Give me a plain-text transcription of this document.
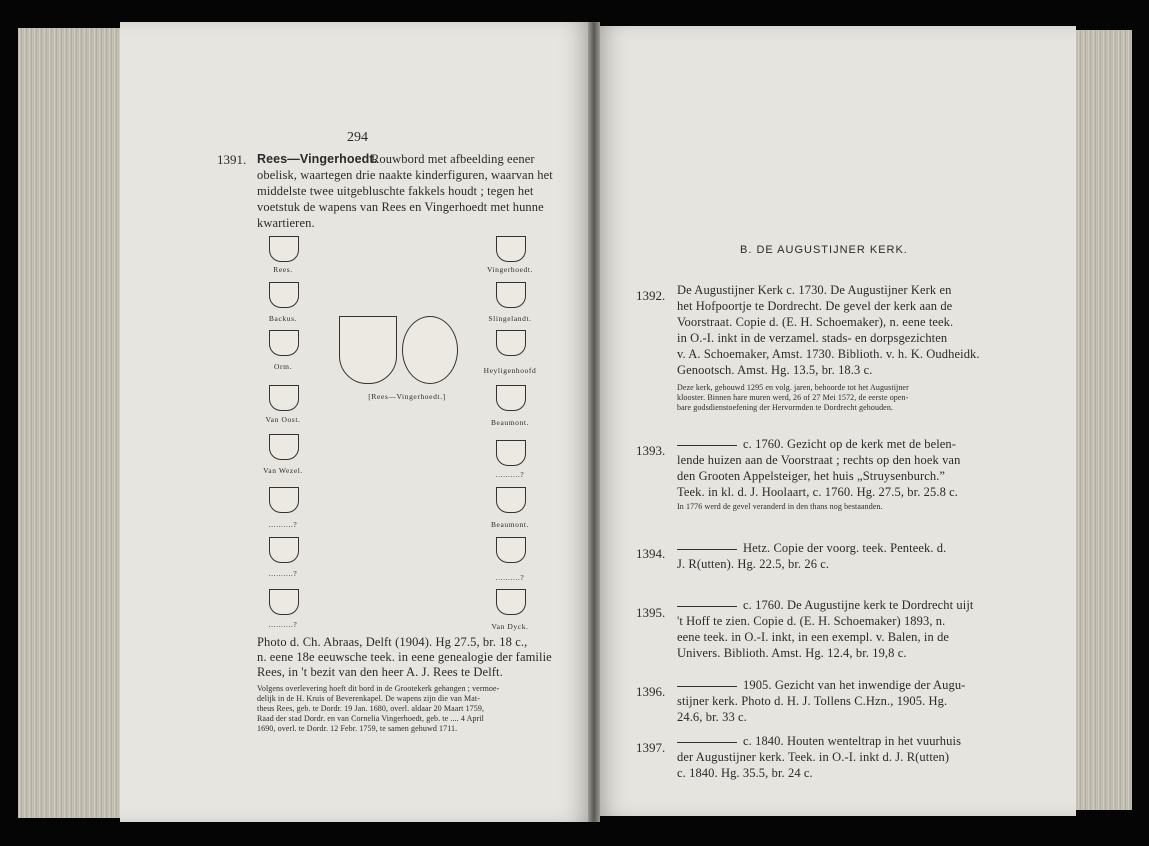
294

1391. Rees—Vingerhoedt.

Rouwbord met afbeelding eener

obelisk, waartegen drie naakte kinderfiguren, waarvan het

middelste twee uitgebluschte fakkels houdt ; tegen het

voetstuk de wapens van Rees en Vingerhoedt met hunne

kwartieren.

Rees.

Backus.

Orm.

Van Oost.

Van Wezel.

..........?

..........?

..........?

[Rees—Vingerhoedt.]

Vingerhoedt.

Slingelandt.

Heyligenhoofd

Beaumont.

..........?

Beaumont.

..........?

Van Dyck.

Photo d. Ch. Abraas, Delft (1904). Hg 27.5, br. 18 c.,

n. eene 18e eeuwsche teek. in eene genealogie der familie

Rees, in 't bezit van den heer A. J. Rees te Delft.

Volgens overlevering hoeft dit bord in de Grootekerk gehangen ; vermoe-

delijk in de H. Kruis of Beverenkapel. De wapens zijn die van Mat-

theus Rees, geb. te Dordr. 19 Jan. 1680, overl. aldaar 20 Maart 1759,

Raad der stad Dordr. en van Cornelia Vingerhoedt, geb. te .... 4 April

1690, overl. te Dordr. 12 Febr. 1759, te samen gehuwd 1711.

B. DE AUGUSTIJNER KERK.

1392. De Augustijner Kerk c. 1730. De Augustijner Kerk en

het Hofpoortje te Dordrecht. De gevel der kerk aan de

Voorstraat. Copie d. (E. H. Schoemaker), n. eene teek.

in O.-I. inkt in de verzamel. stads- en dorpsgezichten

v. A. Schoemaker, Amst. 1730. Biblioth. v. h. K. Oudheidk.

Genootsch. Amst. Hg. 13.5, br. 18.3 c.

Deze kerk, gebouwd 1295 en volg. jaren, behoorde tot het Augustijner

klooster. Binnen hare muren werd, 26 of 27 Mei 1572, de eerste open-

bare godsdienstoefening der Hervormden te Dordrecht gehouden.

1393.	c. 1760. Gezicht op de kerk met de belen-

lende huizen aan de Voorstraat ; rechts op den hoek van

den Grooten Appelsteiger, het huis „Struysenburch.”

Teek. in kl. d. J. Hoolaart, c. 1760. Hg. 27.5, br. 25.8 c.

In 1776 werd de gevel veranderd in den thans nog bestaanden.

1394.	Hetz. Copie der voorg. teek. Penteek. d.

J. R(utten). Hg. 22.5, br. 26 c.

1395.	c. 1760. De Augustijne kerk te Dordrecht uijt

't Hoff te zien. Copie d. (E. H. Schoemaker) 1893, n.

eene teek. in O.-I. inkt, in een exempl. v. Balen, in de

Univers. Biblioth. Amst. Hg. 12.4, br. 19,8 c.

1396.	1905. Gezicht van het inwendige der Augu-

stijner kerk. Photo d. H. J. Tollens C.Hzn., 1905. Hg.

24.6, br. 33 c.

1397.	c. 1840. Houten wenteltrap in het vuurhuis

der Augustijner kerk. Teek. in O.-I. inkt d. J. R(utten)

c. 1840. Hg. 35.5, br. 24 c.
